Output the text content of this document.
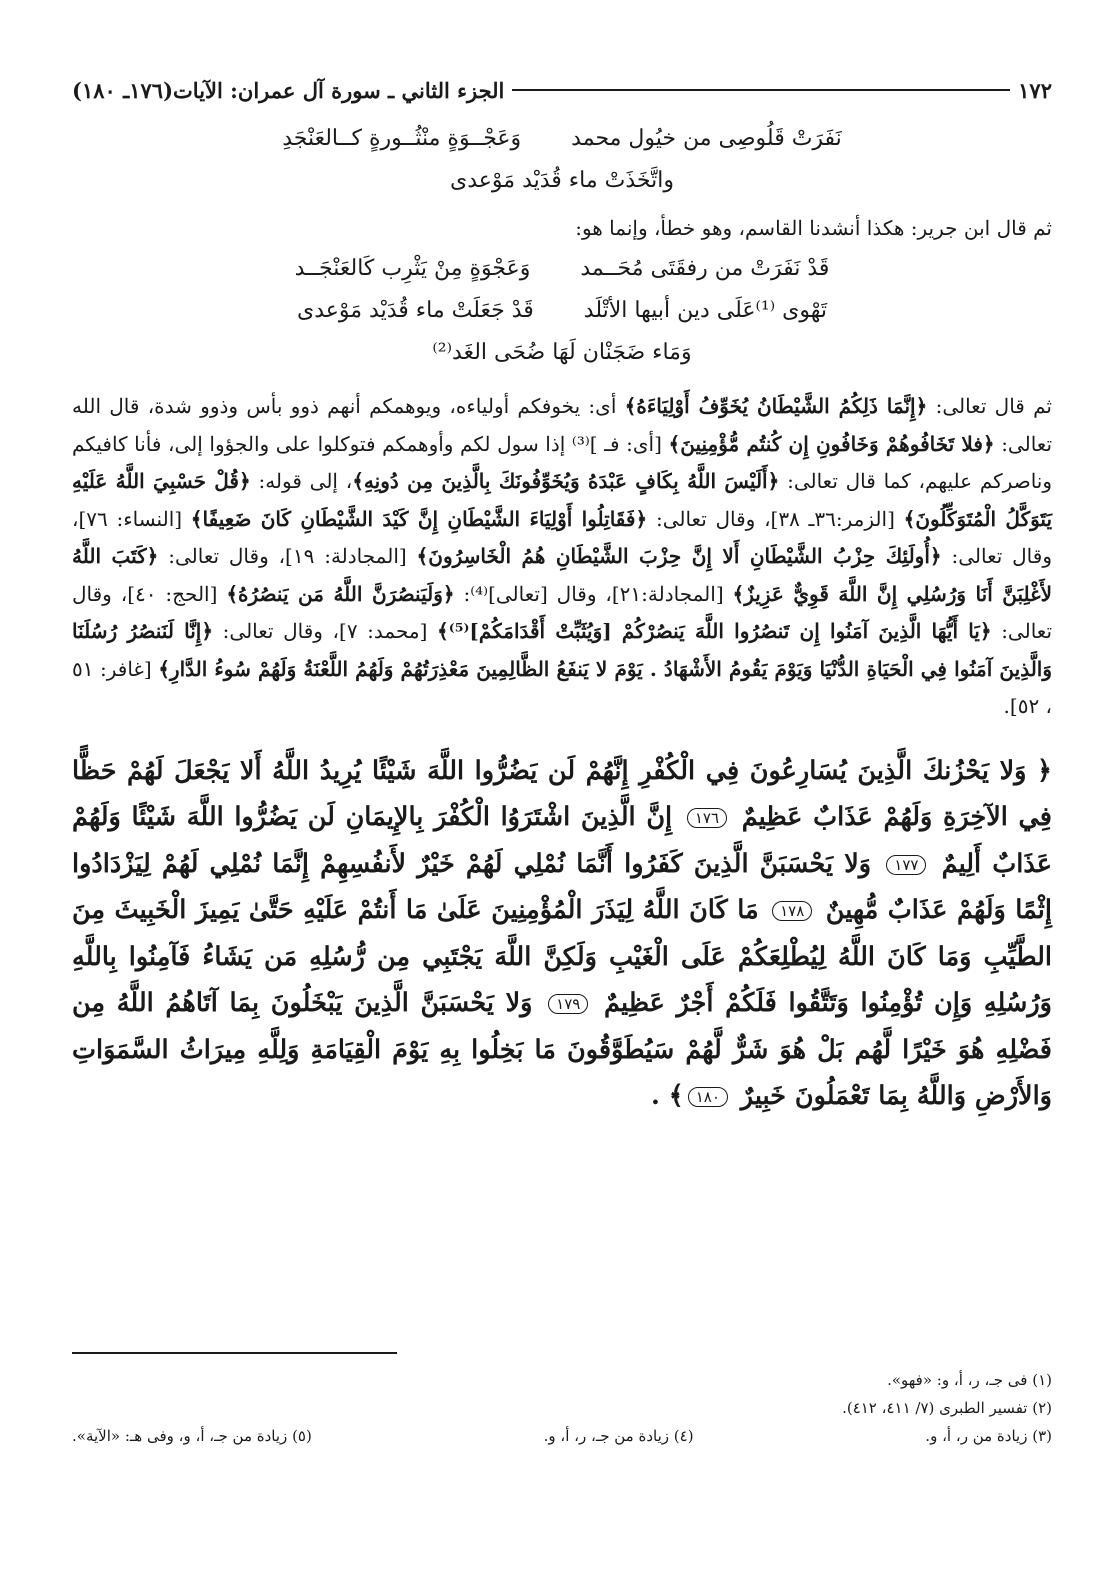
١٧٢
الجزء الثاني ـ سورة آل عمران: الآيات(١٧٦ـ ١٨٠)
نَفَرَتْ قَلُوصِى من خيُول محمد
وَعَجْــوَةٍ منْثُــورةٍ كــالعَنْجَدِ
واتَّخَذَتْ ماء قُدَيْد مَوْعدى
ثم قال ابن جرير: هكذا أنشدنا القاسم، وهو خطأ، وإنما هو:
قَدْ نَفَرَتْ من رفقَتَى مُحَــمد
وَعَجْوَةٍ مِنْ يَثْرِب كَالعَنْجَــد
تَهْوى ⁽¹⁾عَلَى دين أبيها الأتْلَد
قَدْ جَعَلَتْ ماء قُدَيْد مَوْعدى
وَمَاء ضَجَنْان لَهَا ضُحَى الغَد⁽²⁾

ثم قال تعالى: ﴿إِنَّمَا ذَلِكُمُ الشَّيْطَانُ يُخَوِّفُ أَوْلِيَاءَهُ﴾ أى: يخوفكم أولياءه، ويوهمكم أنهم ذوو بأس وذوو شدة، قال الله تعالى: ﴿فلا تَخَافُوهُمْ وَخَافُونِ إِن كُنتُم مُّؤْمِنِينَ﴾ [أى: فـ ]⁽³⁾ إذا سول لكم وأوهمكم فتوكلوا على والجؤوا إلى، فأنا كافيكم وناصركم عليهم، كما قال تعالى: ﴿أَلَيْسَ اللَّهُ بِكَافٍ عَبْدَهُ وَيُخَوِّفُونَكَ بِالَّذِينَ مِن دُونِهِ﴾، إلى قوله: ﴿قُلْ حَسْبِيَ اللَّهُ عَلَيْهِ يَتَوَكَّلُ الْمُتَوَكِّلُونَ﴾ [الزمر:٣٦ـ ٣٨]، وقال تعالى: ﴿فَقَاتِلُوا أَوْلِيَاءَ الشَّيْطَانِ إِنَّ كَيْدَ الشَّيْطَانِ كَانَ ضَعِيفًا﴾ [النساء: ٧٦]، وقال تعالى: ﴿أُولَئِكَ حِزْبُ الشَّيْطَانِ أَلا إِنَّ حِزْبَ الشَّيْطَانِ هُمُ الْخَاسِرُونَ﴾ [المجادلة: ١٩]، وقال تعالى: ﴿كَتَبَ اللَّهُ لأَغْلِبَنَّ أَنَا وَرُسُلِي إِنَّ اللَّهَ قَوِيٌّ عَزِيزٌ﴾ [المجادلة:٢١]، وقال [تعالى]⁽⁴⁾: ﴿وَلَيَنصُرَنَّ اللَّهُ مَن يَنصُرُهُ﴾ [الحج: ٤٠]، وقال تعالى: ﴿يَا أَيُّهَا الَّذِينَ آمَنُوا إِن تَنصُرُوا اللَّهَ يَنصُرْكُمْ [وَيُثَبِّتْ أَقْدَامَكُمْ]⁽⁵⁾﴾ [محمد: ٧]، وقال تعالى: ﴿إِنَّا لَنَنصُرُ رُسُلَنَا وَالَّذِينَ آمَنُوا فِي الْحَيَاةِ الدُّنْيَا وَيَوْمَ يَقُومُ الأَشْهَادُ . يَوْمَ لا يَنفَعُ الظَّالِمِينَ مَعْذِرَتُهُمْ وَلَهُمُ اللَّعْنَةُ وَلَهُمْ سُوءُ الدَّارِ﴾ [غافر: ٥١ ، ٥٢].

﴿ وَلا يَحْزُنكَ الَّذِينَ يُسَارِعُونَ فِي الْكُفْرِ إِنَّهُمْ لَن يَضُرُّوا اللَّهَ شَيْئًا يُرِيدُ اللَّهُ أَلا يَجْعَلَ لَهُمْ حَظًّا فِي الآخِرَةِ وَلَهُمْ عَذَابٌ عَظِيمٌ ١٧٦ إِنَّ الَّذِينَ اشْتَرَوُا الْكُفْرَ بِالإِيمَانِ لَن يَضُرُّوا اللَّهَ شَيْئًا وَلَهُمْ عَذَابٌ أَلِيمٌ ١٧٧ وَلا يَحْسَبَنَّ الَّذِينَ كَفَرُوا أَنَّمَا نُمْلِي لَهُمْ خَيْرٌ لأَنفُسِهِمْ إِنَّمَا نُمْلِي لَهُمْ لِيَزْدَادُوا إِثْمًا وَلَهُمْ عَذَابٌ مُّهِينٌ ١٧٨ مَا كَانَ اللَّهُ لِيَذَرَ الْمُؤْمِنِينَ عَلَىٰ مَا أَنتُمْ عَلَيْهِ حَتَّىٰ يَمِيزَ الْخَبِيثَ مِنَ الطَّيِّبِ وَمَا كَانَ اللَّهُ لِيُطْلِعَكُمْ عَلَى الْغَيْبِ وَلَكِنَّ اللَّهَ يَجْتَبِي مِن رُّسُلِهِ مَن يَشَاءُ فَآمِنُوا بِاللَّهِ وَرُسُلِهِ وَإِن تُؤْمِنُوا وَتَتَّقُوا فَلَكُمْ أَجْرٌ عَظِيمٌ ١٧٩ وَلا يَحْسَبَنَّ الَّذِينَ يَبْخَلُونَ بِمَا آتَاهُمُ اللَّهُ مِن فَضْلِهِ هُوَ خَيْرًا لَّهُم بَلْ هُوَ شَرٌّ لَّهُمْ سَيُطَوَّقُونَ مَا بَخِلُوا بِهِ يَوْمَ الْقِيَامَةِ وَلِلَّهِ مِيرَاثُ السَّمَوَاتِ وَالأَرْضِ وَاللَّهُ بِمَا تَعْمَلُونَ خَبِيرٌ ١٨٠﴾ .

(١) فى جـ، ر، أ، و: «فهو».
(٢) تفسير الطبرى (٧/ ٤١١، ٤١٢).
(٣) زيادة من ر، أ، و.
(٤) زيادة من جـ، ر، أ، و.
(٥) زيادة من جـ، أ، و، وفى هـ: «الآية».
